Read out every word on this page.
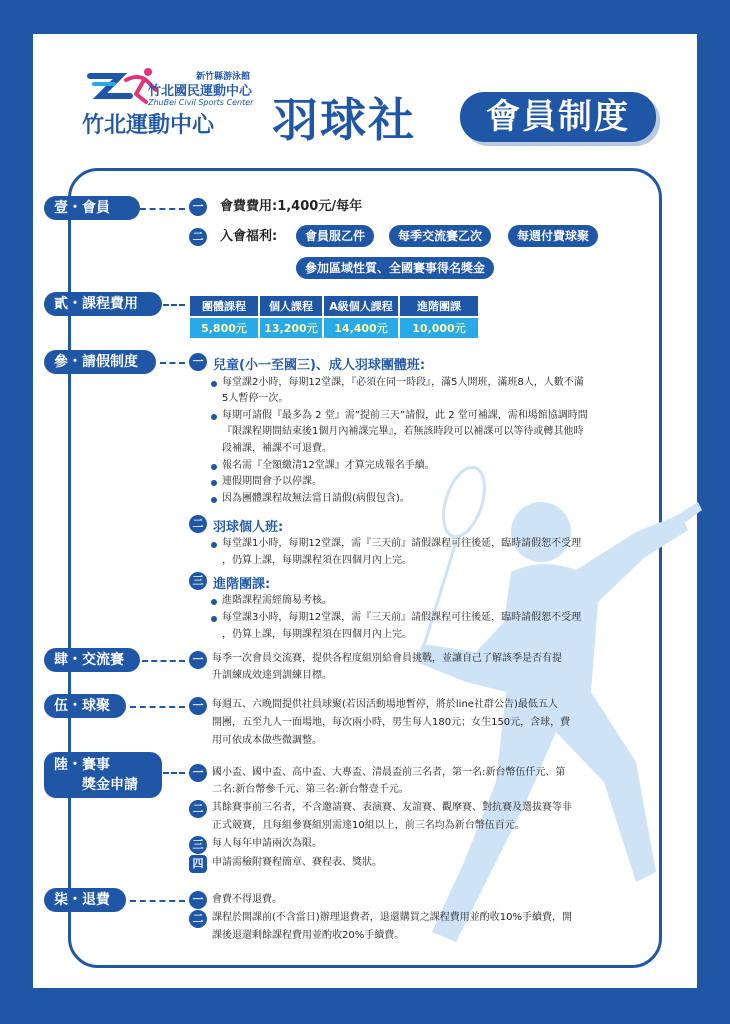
新竹縣游泳館
竹北國民運動中心
ZhuBei Civil Sports Center
竹北運動中心 羽球社	會員制度
壹・會員	一 會費費用:1,400元/每年
二 入會福利:	會員服乙件	每季交流賽乙次	每週付費球聚
參加區域性質、全國賽事得名獎金
貳・課程費用	團體課程	個人課程	A級個人課程	進階團課
5,800元	13,200元	14,400元	10,000元
參・請假制度	一 兒童(小一至國三)、成人羽球團體班:
每堂課2小時，每期12堂課，『必須在同一時段』，滿5人開班，滿班8人，人數不滿
5人暫停一次。
每期可請假『最多為 2 堂』需”提前三天”請假，此 2 堂可補課，需和場館協調時間
『限課程期間結束後1個月內補課完畢』，若無該時段可以補課可以等待或轉其他時
段補課，補課不可退費。
報名需『全額繳清12堂課』才算完成報名手續。
連假期間會予以停課。
因為團體課程故無法當日請假(病假包含)。
二 羽球個人班:
每堂課1小時，每期12堂課，需『三天前』請假課程可往後延，臨時請假恕不受理
，仍算上課，每期課程須在四個月內上完。
三 進階團課:
進階課程需經簡易考核。
每堂課3小時，每期12堂課，需『三天前』請假課程可往後延，臨時請假恕不受理
，仍算上課，每期課程須在四個月內上完。
肆・交流賽	一 每季一次會員交流賽，提供各程度組別給會員挑戰，並讓自己了解該季是否有提
升訓練成效達到訓練目標。
伍・球聚	一 每週五、六晚間提供社員球聚(若因活動場地暫停，將於line社群公告)最低五人
開團，五至九人一面場地，每次兩小時，男生每人180元；女生150元，含球，費
用可依成本做些微調整。
陸・賽事
獎金申請
一 國小盃、國中盃、高中盃、大專盃、清晨盃前三名者，第一名:新台幣伍仟元、第
二名:新台幣參千元、第三名:新台幣壹千元。
二 其餘賽事前三名者，不含邀請賽、表演賽、友誼賽、觀摩賽、對抗賽及選拔賽等非
正式競賽，且每組參賽組別需達10組以上，前三名均為新台幣伍百元。
三 每人每年申請兩次為限。
四 申請需檢附賽程簡章、賽程表、獎狀。
柒・退費	一 會費不得退費。
二 課程於開課前(不含當日)辦理退費者，退還購買之課程費用並酌收10%手續費，開
課後退還剩餘課程費用並酌收20%手續費。
